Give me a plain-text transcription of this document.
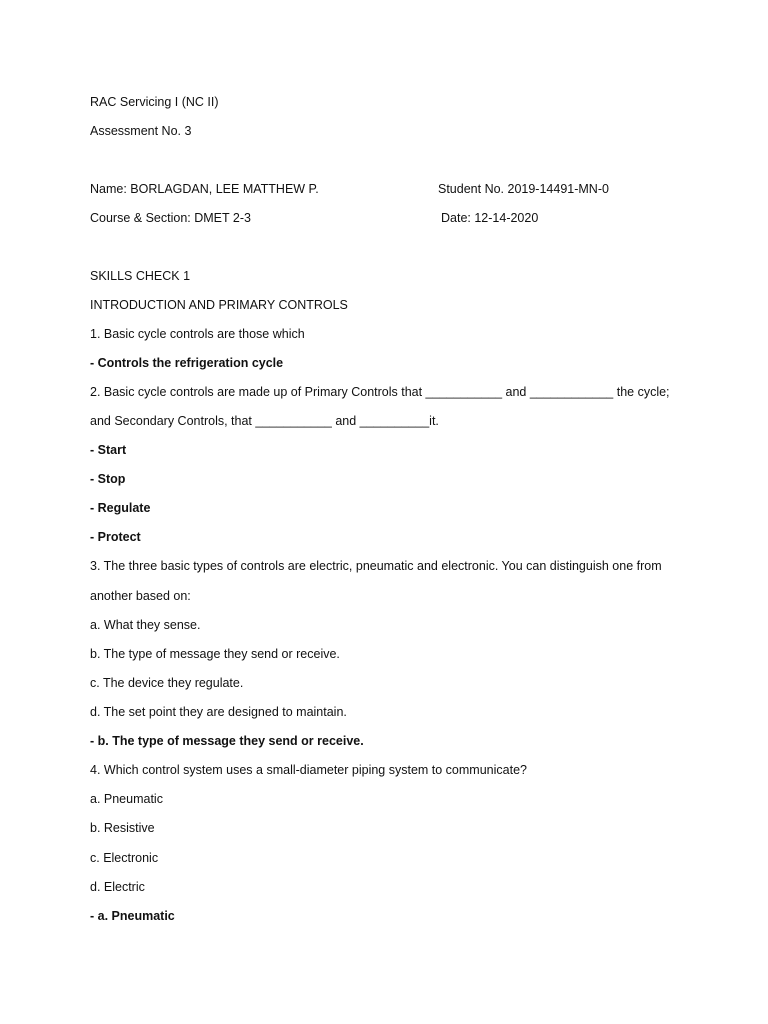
RAC Servicing I (NC II)
Assessment No. 3
Name: BORLAGDAN, LEE MATTHEW P.	Student No. 2019-14491-MN-0
Course & Section: DMET 2-3	Date: 12-14-2020
SKILLS CHECK 1
INTRODUCTION AND PRIMARY CONTROLS
1. Basic cycle controls are those which
- Controls the refrigeration cycle
2. Basic cycle controls are made up of Primary Controls that ___________ and ____________ the cycle;
and Secondary Controls, that ___________ and __________it.
- Start
- Stop
- Regulate
- Protect
3. The three basic types of controls are electric, pneumatic and electronic. You can distinguish one from
another based on:
a. What they sense.
b. The type of message they send or receive.
c. The device they regulate.
d. The set point they are designed to maintain.
- b. The type of message they send or receive.
4. Which control system uses a small-diameter piping system to communicate?
a. Pneumatic
b. Resistive
c. Electronic
d. Electric
- a. Pneumatic
